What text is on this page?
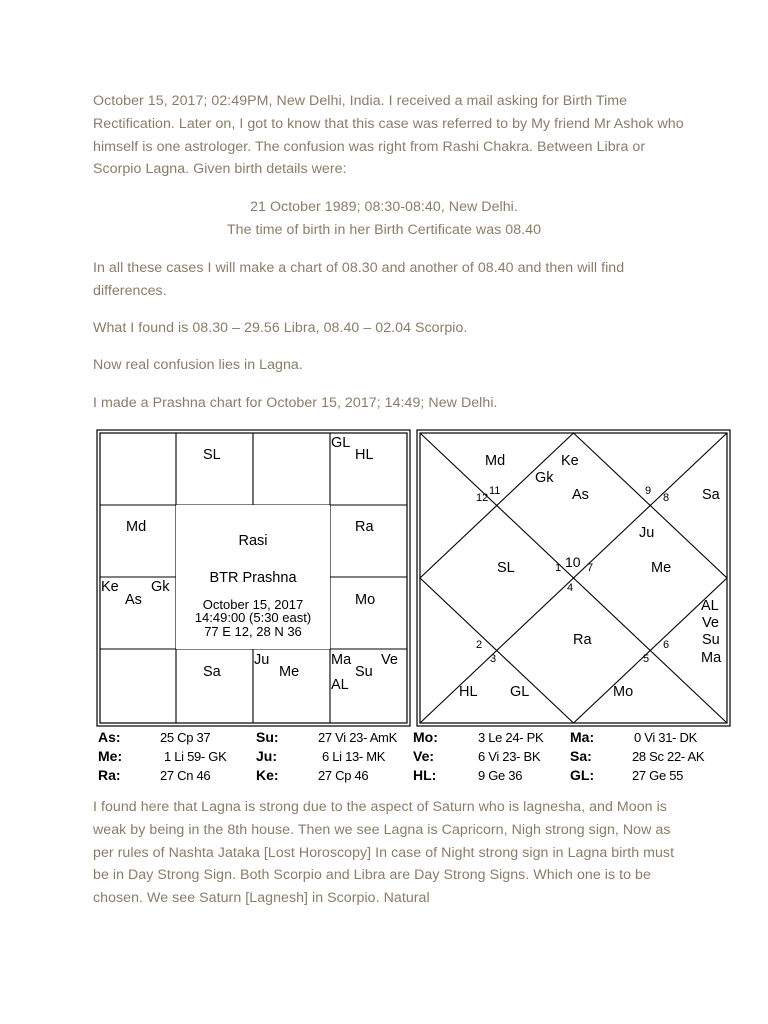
October 15, 2017; 02:49PM, New Delhi, India. I received a mail asking for Birth Time Rectification. Later on, I got to know that this case was referred to by My friend Mr Ashok who himself is one astrologer. The confusion was right from Rashi Chakra. Between Libra or Scorpio Lagna. Given birth details were:

21 October 1989; 08:30-08:40, New Delhi.

The time of birth in her Birth Certificate was 08.40

In all these cases I will make a chart of 08.30 and another of 08.40 and then will find differences.

What I found is 08.30 – 29.56 Libra, 08.40 – 02.04 Scorpio.

Now real confusion lies in Lagna.

I made a Prashna chart for October 15, 2017; 14:49; New Delhi.

SL
GL
HL
Md	Ra
Ke Gk
As	Mo
Sa
Ju
Me
Ma Ve
Su
AL
Rasi
BTR Prashna
October 15, 2017
14:49:00 (5:30 east)
77 E 12, 28 N 36
Md	Ke
Gk
As	Sa
Ju
SL	Me
Ra
AL
Ve
Su
Ma
HL GL	Mo
1
2
3
4
5
6
7
8
9
10
11
12
As:	25 Cp 37	Su:	27 Vi 23- AmK Mo:	3 Le 24- PK Ma:	0 Vi 31- DK
Me:	1 Li 59- GK Ju:	6 Li 13- MK Ve:	6 Vi 23- BK Sa:	28 Sc 22- AK
Ra:	27 Cn 46	Ke:	27 Cp 46	HL:	9 Ge 36	GL:	27 Ge 55

I found here that Lagna is strong due to the aspect of Saturn who is lagnesha, and Moon is weak by being in the 8th house. Then we see Lagna is Capricorn, Nigh strong sign, Now as per rules of Nashta Jataka [Lost Horoscopy] In case of Night strong sign in Lagna birth must be in Day Strong Sign. Both Scorpio and Libra are Day Strong Signs. Which one is to be chosen. We see Saturn [Lagnesh] in Scorpio. Natural
